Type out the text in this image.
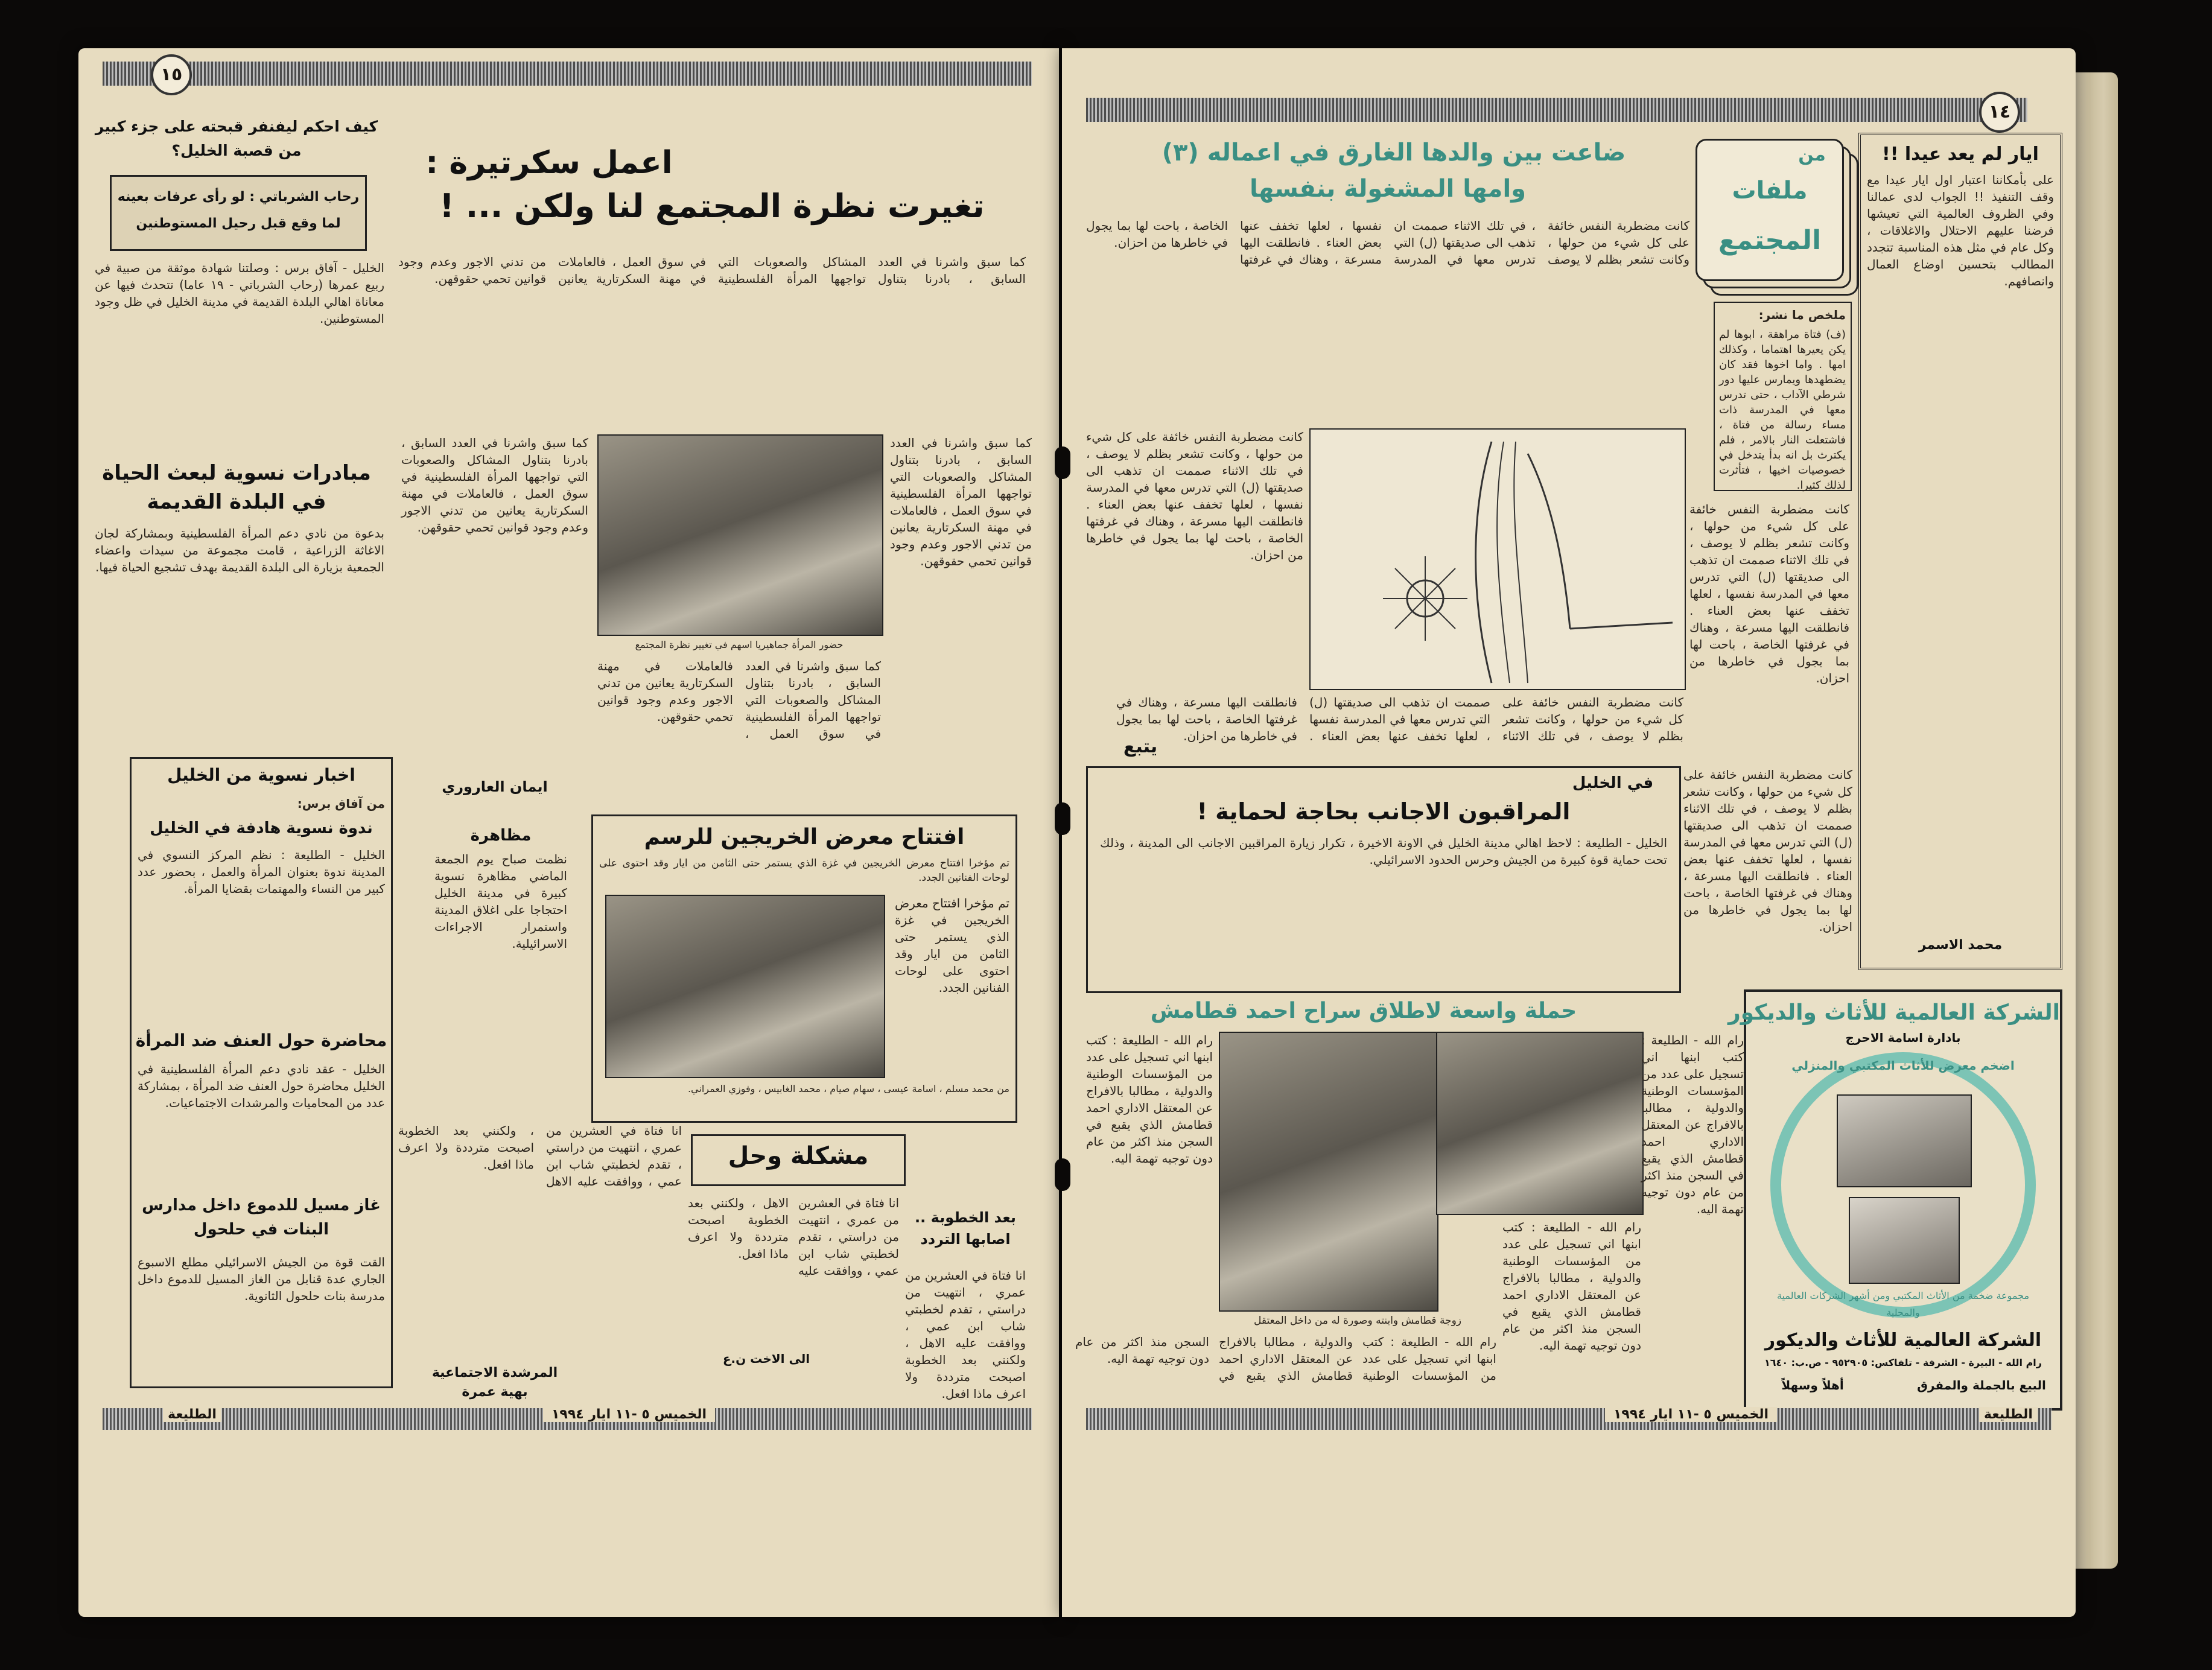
١٥
كيف احكم ليفنفر قبحته على جزء كبير من قصبة الخليل؟
رحاب الشرباتي : لو رأى عرفات بعينه لما وقع قبل رحيل المستوطنين
الخليل - آفاق برس : وصلتنا شهادة موثقة من صبية في ربيع عمرها (رحاب الشرباتي - ١٩ عاما) تتحدث فيها عن معاناة اهالي البلدة القديمة في مدينة الخليل في ظل وجود المستوطنين.
مبادرات نسوية لبعث الحياة في البلدة القديمة
بدعوة من نادي دعم المرأة الفلسطينية وبمشاركة لجان الاغاثة الزراعية ، قامت مجموعة من سيدات واعضاء الجمعية بزيارة الى البلدة القديمة بهدف تشجيع الحياة فيها.
اخبار نسوية من الخليل
من آفاق برس:
ندوة نسوية هادفة في الخليل
الخليل - الطليعة : نظم المركز النسوي في المدينة ندوة بعنوان المرأة والعمل ، بحضور عدد كبير من النساء والمهتمات بقضايا المرأة.
محاضرة حول العنف ضد المرأة
الخليل - عقد نادي دعم المرأة الفلسطينية في الخليل محاضرة حول العنف ضد المرأة ، بمشاركة عدد من المحاميات والمرشدات الاجتماعيات.
غاز مسيل للدموع داخل مدارس البنات في حلحول
القت قوة من الجيش الاسرائيلي مطلع الاسبوع الجاري عدة قنابل من الغاز المسيل للدموع داخل مدرسة بنات حلحول الثانوية.
اعمل سكرتيرة :
تغيرت نظرة المجتمع لنا ولكن ... !
كما سبق واشرنا في العدد السابق ، بادرنا بتناول المشاكل والصعوبات التي تواجهها المرأة الفلسطينية في سوق العمل ، فالعاملات في مهنة السكرتارية يعانين من تدني الاجور وعدم وجود قوانين تحمي حقوقهن.
حضور المرأة جماهيريا اسهم في تغيير نظرة المجتمع
كما سبق واشرنا في العدد السابق ، بادرنا بتناول المشاكل والصعوبات التي تواجهها المرأة الفلسطينية في سوق العمل ، فالعاملات في مهنة السكرتارية يعانين من تدني الاجور وعدم وجود قوانين تحمي حقوقهن.
كما سبق واشرنا في العدد السابق ، بادرنا بتناول المشاكل والصعوبات التي تواجهها المرأة الفلسطينية في سوق العمل ، فالعاملات في مهنة السكرتارية يعانين من تدني الاجور وعدم وجود قوانين تحمي حقوقهن.
كما سبق واشرنا في العدد السابق ، بادرنا بتناول المشاكل والصعوبات التي تواجهها المرأة الفلسطينية في سوق العمل ، فالعاملات في مهنة السكرتارية يعانين من تدني الاجور وعدم وجود قوانين تحمي حقوقهن.
ايمان العاروري
مظاهرة
نظمت صباح يوم الجمعة الماضي مظاهرة نسوية كبيرة في مدينة الخليل احتجاجا على اغلاق المدينة واستمرار الاجراءات الاسرائيلية.
افتتاح معرض الخريجين للرسم
تم مؤخرا افتتاح معرض الخريجين في غزة الذي يستمر حتى الثامن من ايار وقد احتوى على لوحات الفنانين الجدد.
تم مؤخرا افتتاح معرض الخريجين في غزة الذي يستمر حتى الثامن من ايار وقد احتوى على لوحات الفنانين الجدد.
من محمد مسلم ، اسامة عيسى ، سهام صيام ، محمد الغابيس ، وفوزي العمراني.
مشكلة وحل
بعد الخطوبة .. اصابها التردد
انا فتاة في العشرين من عمري ، انتهيت من دراستي ، تقدم لخطبتي شاب ابن عمي ، ووافقت عليه الاهل ، ولكنني بعد الخطوبة اصبحت مترددة ولا اعرف ماذا افعل.
انا فتاة في العشرين من عمري ، انتهيت من دراستي ، تقدم لخطبتي شاب ابن عمي ، ووافقت عليه الاهل ، ولكنني بعد الخطوبة اصبحت مترددة ولا اعرف ماذا افعل.
انا فتاة في العشرين من عمري ، انتهيت من دراستي ، تقدم لخطبتي شاب ابن عمي ، ووافقت عليه الاهل ، ولكنني بعد الخطوبة اصبحت مترددة ولا اعرف ماذا افعل.
الى الاخت ن.ع
المرشدة الاجتماعية بهية عمرة
الخميس ٥ -١١ ايار ١٩٩٤
الطليعة
١٤
ايار لم يعد عيدا !!
على بأمكاننا اعتبار اول ايار عيدا مع وقف التنفيذ !! الجواب لدى عمالنا وفي الظروف العالمية التي تعيشها فرضنا عليهم الاحتلال والاغلاقات ، وكل عام في مثل هذه المناسبة تتجدد المطالب بتحسين اوضاع العمال وانصافهم.
محمد الاسمر
من
ملفات
المجتمع
ضاعت بين والدها الغارق في اعماله (٣)
وامها المشغولة بنفسها
كانت مضطربة النفس خائفة على كل شيء من حولها ، وكانت تشعر بظلم لا يوصف ، في تلك الاثناء صممت ان تذهب الى صديقتها (ل) التي تدرس معها في المدرسة نفسها ، لعلها تخفف عنها بعض العناء . فانطلقت اليها مسرعة ، وهناك في غرفتها الخاصة ، باحت لها بما يجول في خاطرها من احزان.
ملخص ما نشر:
(ف) فتاة مراهقة ، ابوها لم يكن يعيرها اهتماما ، وكذلك امها . واما اخوها فقد كان يضطهدها ويمارس عليها دور شرطي الآداب ، حتى تدرس معها في المدرسة ذات مساء رسالة من فتاة ، فاشتعلت النار بالامر ، فلم يكترث بل انه بدأ يتدخل في خصوصيات اخيها ، فتأثرت لذلك كثيرا.
كانت مضطربة النفس خائفة على كل شيء من حولها ، وكانت تشعر بظلم لا يوصف ، في تلك الاثناء صممت ان تذهب الى صديقتها (ل) التي تدرس معها في المدرسة نفسها ، لعلها تخفف عنها بعض العناء . فانطلقت اليها مسرعة ، وهناك في غرفتها الخاصة ، باحت لها بما يجول في خاطرها من احزان.
كانت مضطربة النفس خائفة على كل شيء من حولها ، وكانت تشعر بظلم لا يوصف ، في تلك الاثناء صممت ان تذهب الى صديقتها (ل) التي تدرس معها في المدرسة نفسها ، لعلها تخفف عنها بعض العناء . فانطلقت اليها مسرعة ، وهناك في غرفتها الخاصة ، باحت لها بما يجول في خاطرها من احزان.
كانت مضطربة النفس خائفة على كل شيء من حولها ، وكانت تشعر بظلم لا يوصف ، في تلك الاثناء صممت ان تذهب الى صديقتها (ل) التي تدرس معها في المدرسة نفسها ، لعلها تخفف عنها بعض العناء . فانطلقت اليها مسرعة ، وهناك في غرفتها الخاصة ، باحت لها بما يجول في خاطرها من احزان.
يتبع
في الخليل
المراقبون الاجانب بحاجة لحماية !
الخليل - الطليعة : لاحظ اهالي مدينة الخليل في الاونة الاخيرة ، تكرار زيارة المراقبين الاجانب الى المدينة ، وذلك تحت حماية قوة كبيرة من الجيش وحرس الحدود الاسرائيلي.
كانت مضطربة النفس خائفة على كل شيء من حولها ، وكانت تشعر بظلم لا يوصف ، في تلك الاثناء صممت ان تذهب الى صديقتها (ل) التي تدرس معها في المدرسة نفسها ، لعلها تخفف عنها بعض العناء . فانطلقت اليها مسرعة ، وهناك في غرفتها الخاصة ، باحت لها بما يجول في خاطرها من احزان.
حملة واسعة لاطلاق سراح احمد قطامش
زوجة قطامش وابنته وصورة له من داخل المعتقل
رام الله - الطليعة : كتب ابنها اني تسجيل على عدد من المؤسسات الوطنية والدولية ، مطالبا بالافراج عن المعتقل الاداري احمد قطامش الذي يقبع في السجن منذ اكثر من عام دون توجيه تهمة اليه.
رام الله - الطليعة : كتب ابنها اني تسجيل على عدد من المؤسسات الوطنية والدولية ، مطالبا بالافراج عن المعتقل الاداري احمد قطامش الذي يقبع في السجن منذ اكثر من عام دون توجيه تهمة اليه.
رام الله - الطليعة : كتب ابنها اني تسجيل على عدد من المؤسسات الوطنية والدولية ، مطالبا بالافراج عن المعتقل الاداري احمد قطامش الذي يقبع في السجن منذ اكثر من عام دون توجيه تهمة اليه.
رام الله - الطليعة : كتب ابنها اني تسجيل على عدد من المؤسسات الوطنية والدولية ، مطالبا بالافراج عن المعتقل الاداري احمد قطامش الذي يقبع في السجن منذ اكثر من عام دون توجيه تهمة اليه.
الشركة العالمية للأثاث والديكور
بادارة اسامة الاحرج
اضخم معرض للأثاث المكتبي والمنزلي
مجموعة ضخمة من الأثاث المكتبي ومن أشهر الشركات العالمية والمحلية
الشركة العالمية للأثاث والديكور
رام الله - البيرة - الشرفة - تلفاكس: ٩٥٢٩٠٥ - ص.ب: ١٦٤٠
البيع بالجملة والمفرق
أهلاً وسهلاً
الخميس ٥ -١١ ايار ١٩٩٤	الطليعة
